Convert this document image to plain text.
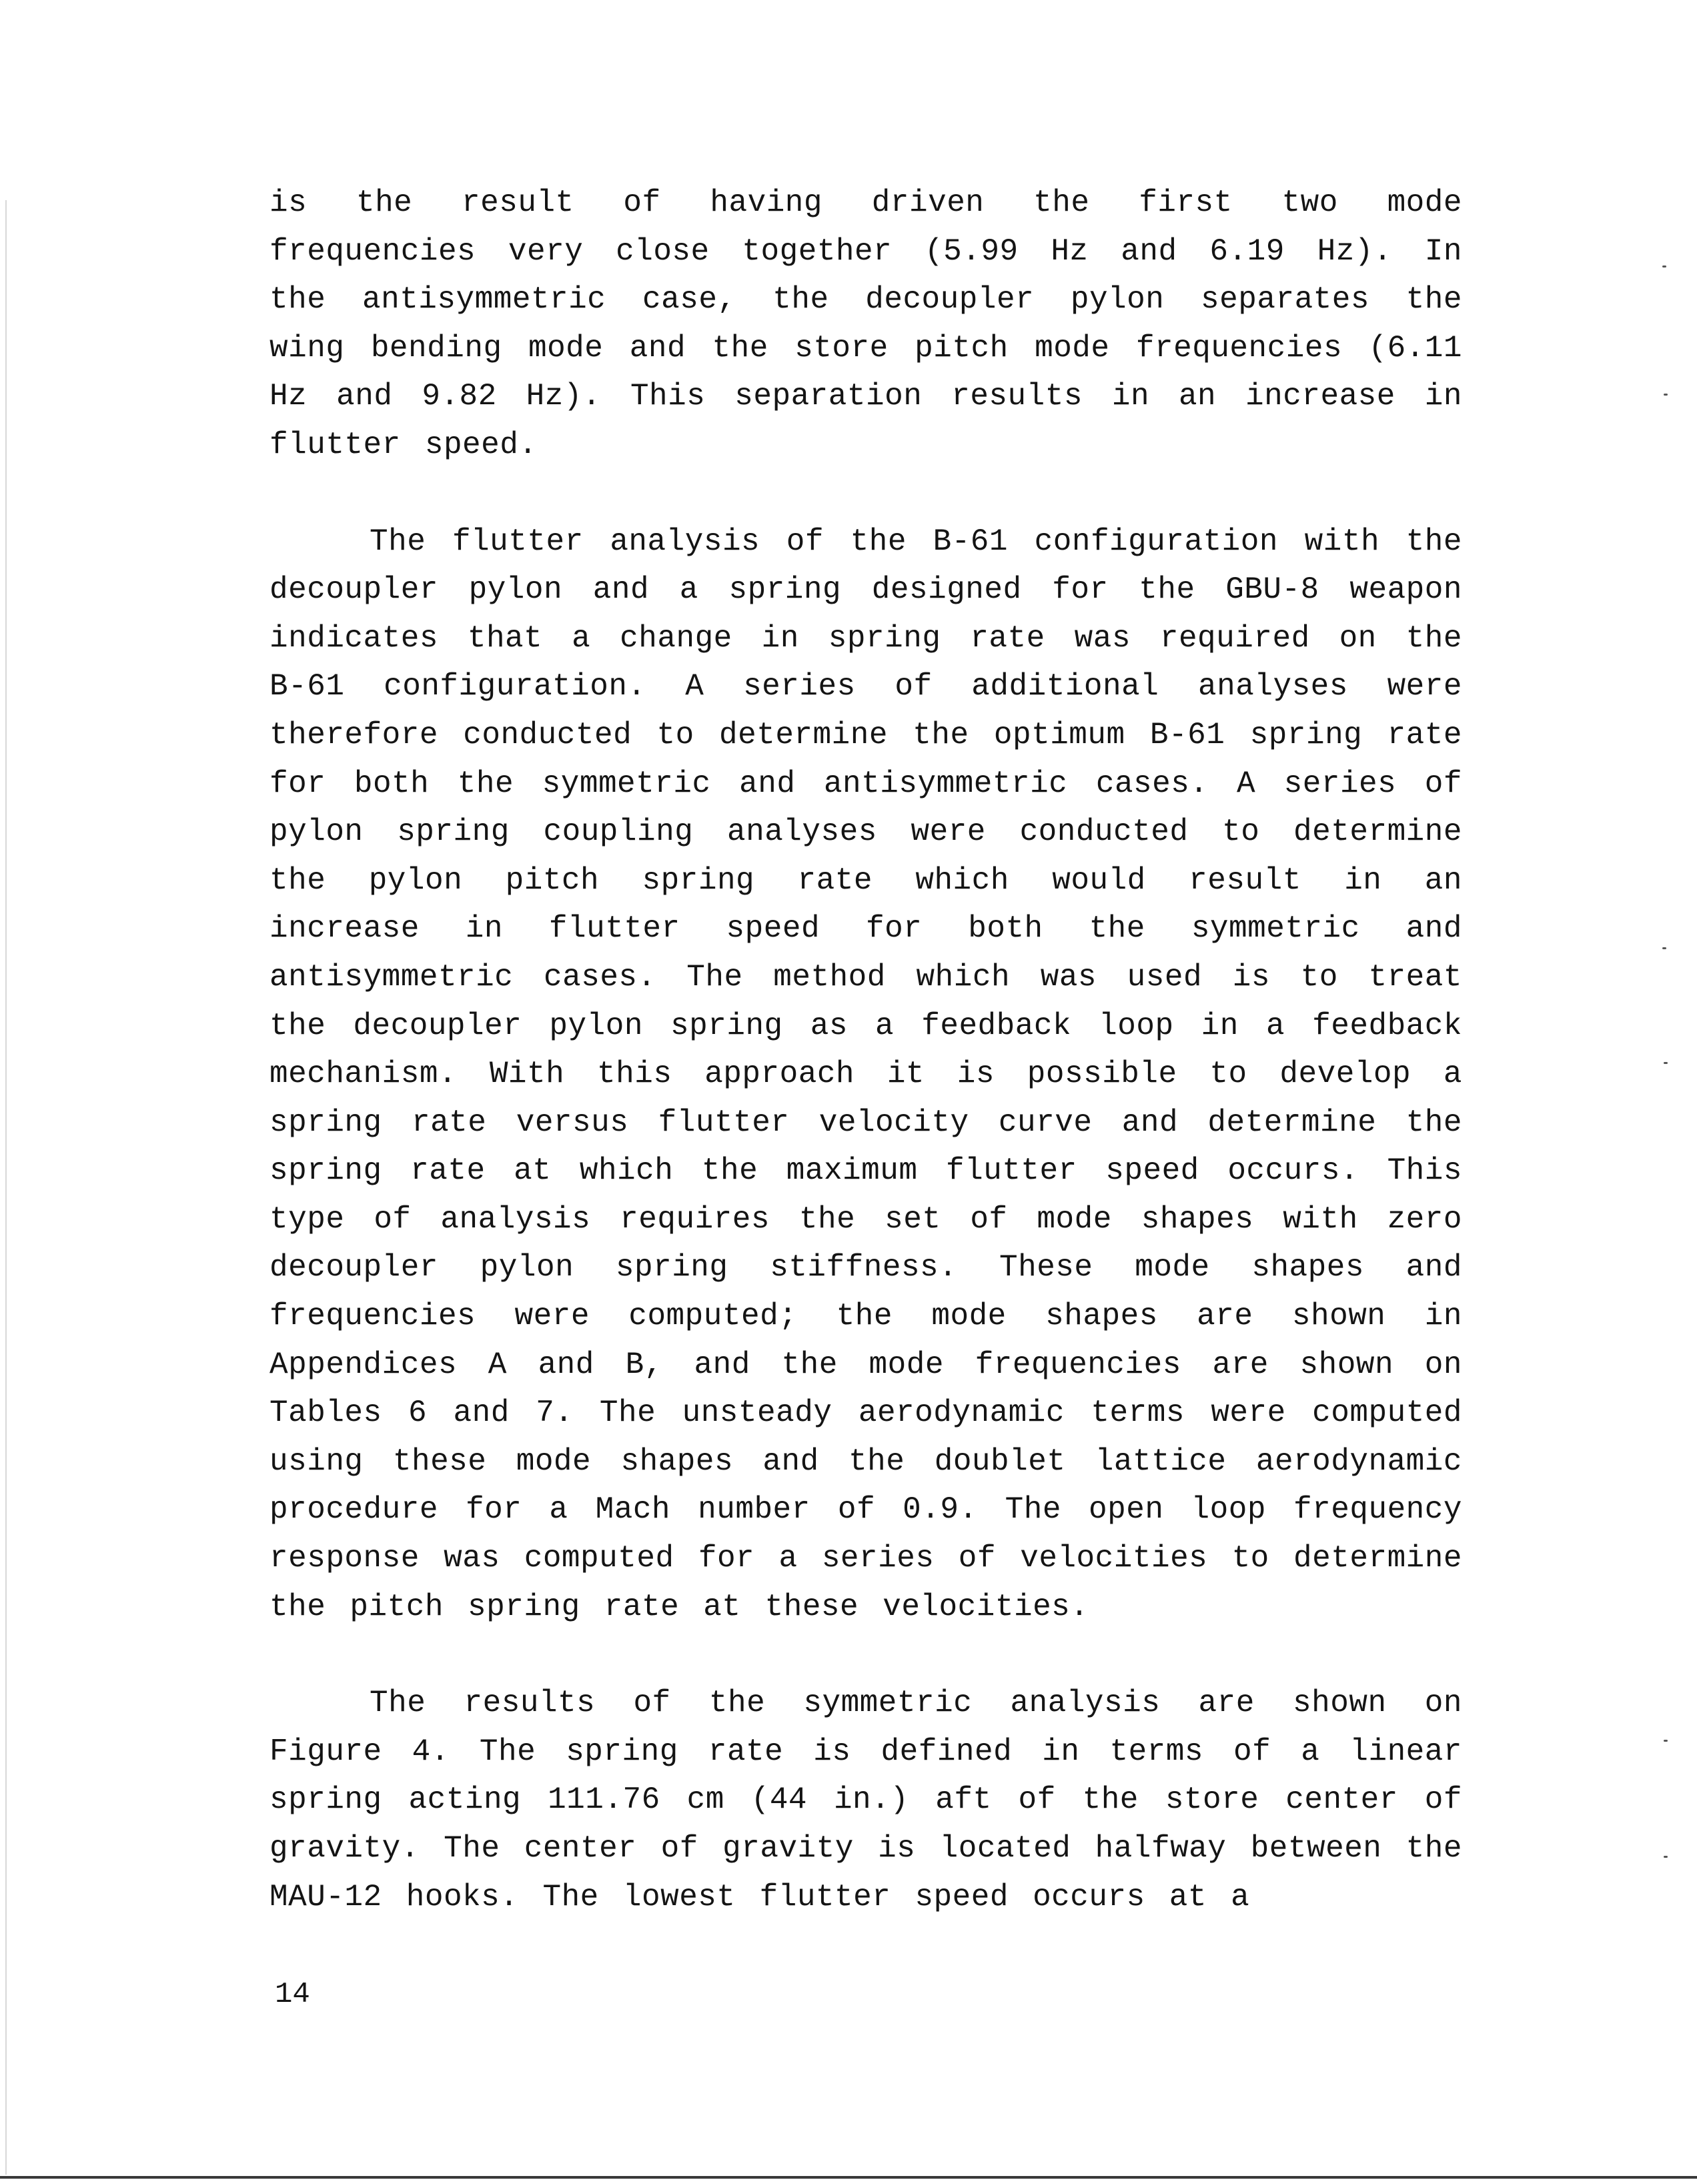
is the result of having driven the first two mode frequencies very close together (5.99 Hz and 6.19 Hz). In the antisymmetric case, the decoupler pylon separates the wing bending mode and the store pitch mode frequencies (6.11 Hz and 9.82 Hz). This separation results in an increase in flutter speed.

The flutter analysis of the B-61 configuration with the decoupler pylon and a spring designed for the GBU-8 weapon indicates that a change in spring rate was required on the B-61 configuration. A series of additional analyses were therefore conducted to determine the optimum B-61 spring rate for both the symmetric and antisymmetric cases. A series of pylon spring coupling analyses were conducted to determine the pylon pitch spring rate which would result in an increase in flutter speed for both the symmetric and antisymmetric cases. The method which was used is to treat the decoupler pylon spring as a feedback loop in a feedback mechanism. With this approach it is possible to develop a spring rate versus flutter velocity curve and determine the spring rate at which the maximum flutter speed occurs. This type of analysis requires the set of mode shapes with zero decoupler pylon spring stiffness. These mode shapes and frequencies were computed; the mode shapes are shown in Appendices A and B, and the mode frequencies are shown on Tables 6 and 7. The unsteady aerodynamic terms were computed using these mode shapes and the doublet lattice aerodynamic procedure for a Mach number of 0.9. The open loop frequency response was computed for a series of velocities to determine the pitch spring rate at these velocities.

The results of the symmetric analysis are shown on Figure 4. The spring rate is defined in terms of a linear spring acting 111.76 cm (44 in.) aft of the store center of gravity. The center of gravity is located halfway between the MAU-12 hooks. The lowest flutter speed occurs at a

14
